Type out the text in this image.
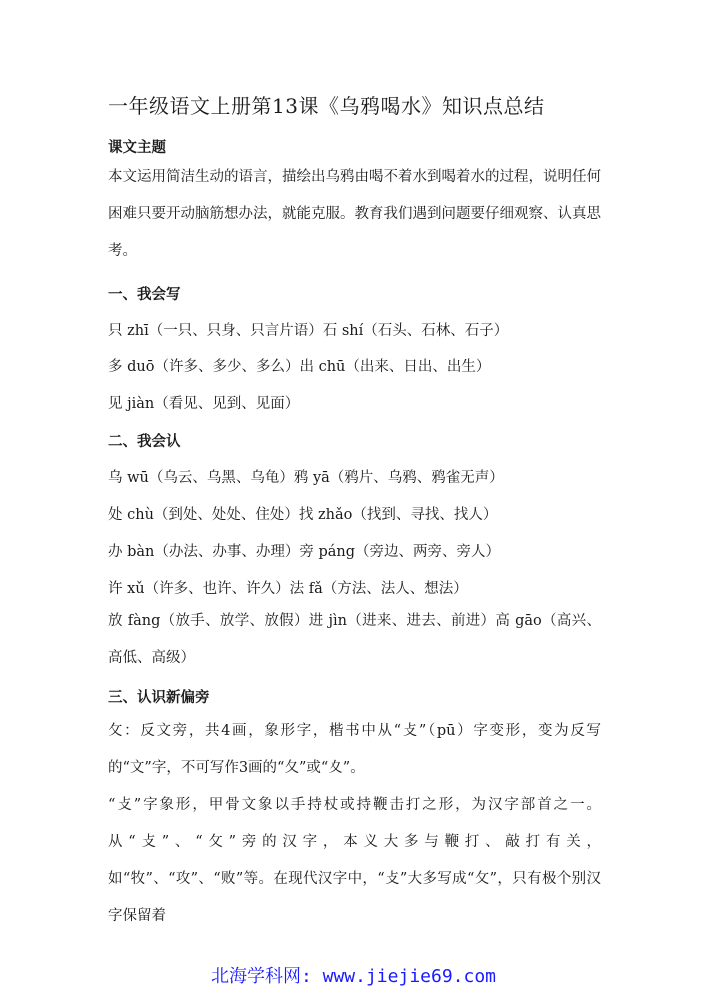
一年级语文上册第13课《乌鸦喝水》知识点总结
课文主题
本文运用简洁生动的语言，描绘出乌鸦由喝不着水到喝着水的过程，说明任何困难只要开动脑筋想办法，就能克服。教育我们遇到问题要仔细观察、认真思考。
一、我会写
只 zhī（一只、只身、只言片语）石 shí（石头、石林、石子）
多 duō（许多、多少、多么）出 chū（出来、日出、出生）
见 jiàn（看见、见到、见面）
二、我会认
乌 wū（乌云、乌黑、乌龟）鸦 yā（鸦片、乌鸦、鸦雀无声）
处 chù（到处、处处、住处）找 zhǎo（找到、寻找、找人）
办 bàn（办法、办事、办理）旁 páng（旁边、两旁、旁人）
许 xǔ（许多、也许、许久）法 fǎ（方法、法人、想法）
放 fàng（放手、放学、放假）进 jìn（进来、进去、前进）高 gāo（高兴、高低、高级）
三、认识新偏旁
攵：反文旁，共4画，象形字，楷书中从“攴”（pū）字变形，变为反写的“文”字，不可写作3画的“夂”或“夊”。
“攴”字象形，甲骨文象以手持杖或持鞭击打之形，为汉字部首之一。从“攴”、“攵”旁的汉字，本义大多与鞭打、敲打有关，如“牧”、“攻”、“败”等。在现代汉字中，“攴”大多写成“攵”，只有极个别汉字保留着
北海学科网: www.jiejie69.com
